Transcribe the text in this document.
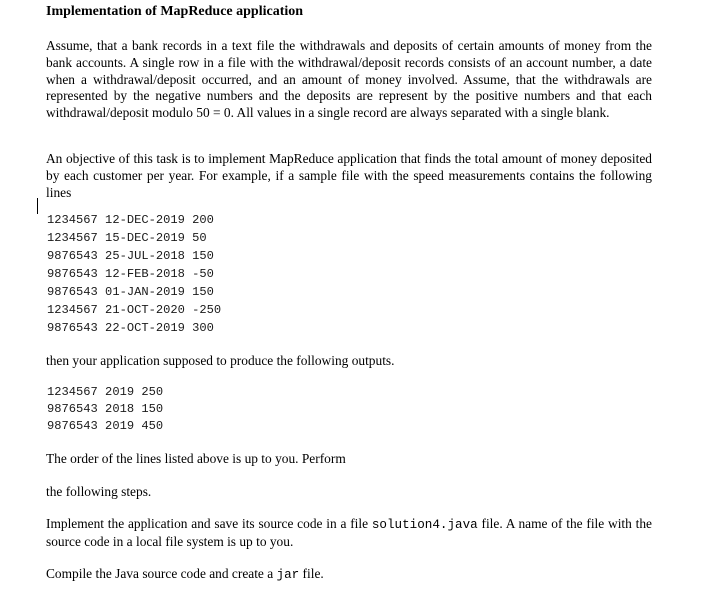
Implementation of MapReduce application
Assume, that a bank records in a text file the withdrawals and deposits of certain amounts of money from the bank accounts. A single row in a file with the withdrawal/deposit records consists of an account number, a date when a withdrawal/deposit occurred, and an amount of money involved. Assume, that the withdrawals are represented by the negative numbers and the deposits are represent by the positive numbers and that each withdrawal/deposit modulo 50 = 0. All values in a single record are always separated with a single blank.
An objective of this task is to implement MapReduce application that finds the total amount of money deposited by each customer per year. For example, if a sample file with the speed measurements contains the following lines
1234567 12-DEC-2019 200
1234567 15-DEC-2019 50
9876543 25-JUL-2018 150
9876543 12-FEB-2018 -50
9876543 01-JAN-2019 150
1234567 21-OCT-2020 -250
9876543 22-OCT-2019 300
then your application supposed to produce the following outputs.
1234567 2019 250
9876543 2018 150
9876543 2019 450
The order of the lines listed above is up to you. Perform
the following steps.
Implement the application and save its source code in a file solution4.java file. A name of the file with the source code in a local file system is up to you.
Compile the Java source code and create a jar file.
